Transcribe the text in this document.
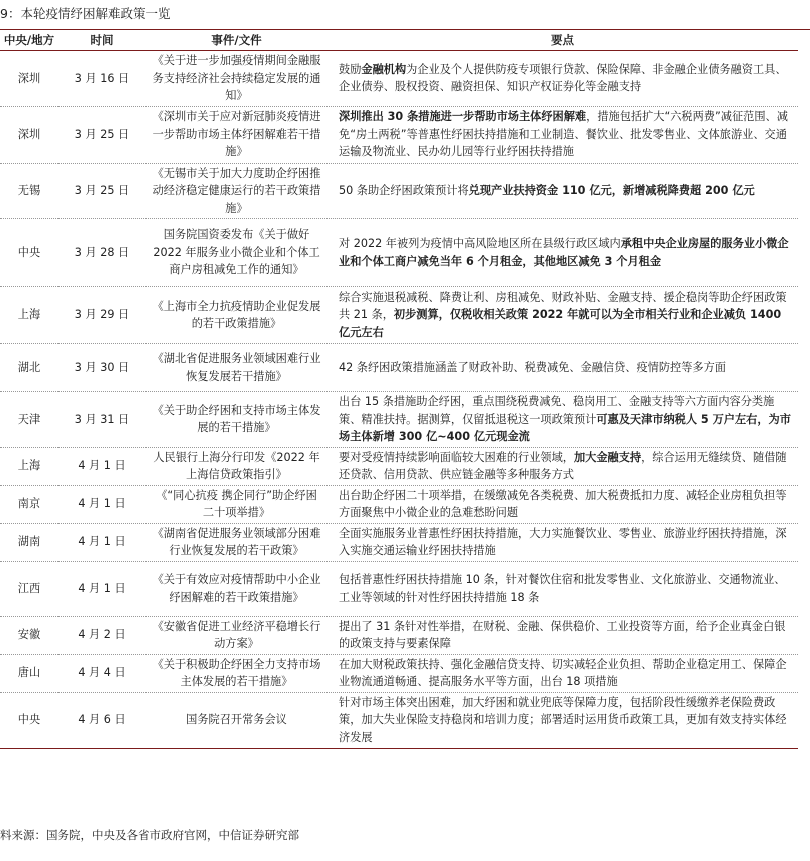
9：本轮疫情纾困解难政策一览
中央/地方	时间	事件/文件	要点
深圳	3 月 16 日	《关于进一步加强疫情期间金融服务支持经济社会持续稳定发展的通知》	鼓励金融机构为企业及个人提供防疫专项银行贷款、保险保障、非金融企业债务融资工具、企业债券、股权投资、融资担保、知识产权证券化等金融支持
深圳	3 月 25 日	《深圳市关于应对新冠肺炎疫情进一步帮助市场主体纾困解难若干措施》	深圳推出 30 条措施进一步帮助市场主体纾困解难，措施包括扩大“六税两费”减征范围、减免“房土两税”等普惠性纾困扶持措施和工业制造、餐饮业、批发零售业、文体旅游业、交通运输及物流业、民办幼儿园等行业纾困扶持措施
无锡	3 月 25 日	《无锡市关于加大力度助企纾困推动经济稳定健康运行的若干政策措施》	50 条助企纾困政策预计将兑现产业扶持资金 110 亿元，新增减税降费超 200 亿元
中央	3 月 28 日	国务院国资委发布《关于做好 2022 年服务业小微企业和个体工商户房租减免工作的通知》	对 2022 年被列为疫情中高风险地区所在县级行政区域内承租中央企业房屋的服务业小微企业和个体工商户减免当年 6 个月租金，其他地区减免 3 个月租金
上海	3 月 29 日	《上海市全力抗疫情助企业促发展的若干政策措施》	综合实施退税减税、降费让利、房租减免、财政补贴、金融支持、援企稳岗等助企纾困政策共 21 条，初步测算，仅税收相关政策 2022 年就可以为全市相关行业和企业减负 1400 亿元左右
湖北	3 月 30 日	《湖北省促进服务业领域困难行业恢复发展若干措施》	42 条纾困政策措施涵盖了财政补助、税费减免、金融信贷、疫情防控等多方面
天津	3 月 31 日	《关于助企纾困和支持市场主体发展的若干措施》	出台 15 条措施助企纾困，重点围绕税费减免、稳岗用工、金融支持等六方面内容分类施策、精准扶持。据测算，仅留抵退税这一项政策预计可惠及天津市纳税人 5 万户左右，为市场主体新增 300 亿~400 亿元现金流
上海	4 月 1 日	人民银行上海分行印发《2022 年上海信贷政策指引》	要对受疫情持续影响面临较大困难的行业领域，加大金融支持，综合运用无缝续贷、随借随还贷款、信用贷款、供应链金融等多种服务方式
南京	4 月 1 日	《“同心抗疫 携企同行”助企纾困二十项举措》	出台助企纾困二十项举措，在缓缴减免各类税费、加大税费抵扣力度、减轻企业房租负担等方面聚焦中小微企业的急难愁盼问题
湖南	4 月 1 日	《湖南省促进服务业领域部分困难行业恢复发展的若干政策》	全面实施服务业普惠性纾困扶持措施，大力实施餐饮业、零售业、旅游业纾困扶持措施，深入实施交通运输业纾困扶持措施
江西	4 月 1 日	《关于有效应对疫情帮助中小企业纾困解难的若干政策措施》	包括普惠性纾困扶持措施 10 条，针对餐饮住宿和批发零售业、文化旅游业、交通物流业、工业等领域的针对性纾困扶持措施 18 条
安徽	4 月 2 日	《安徽省促进工业经济平稳增长行动方案》	提出了 31 条针对性举措，在财税、金融、保供稳价、工业投资等方面，给予企业真金白银的政策支持与要素保障
唐山	4 月 4 日	《关于积极助企纾困全力支持市场主体发展的若干措施》	在加大财税政策扶持、强化金融信贷支持、切实减轻企业负担、帮助企业稳定用工、保障企业物流通道畅通、提高服务水平等方面，出台 18 项措施
中央	4 月 6 日	国务院召开常务会议	针对市场主体突出困难，加大纾困和就业兜底等保障力度，包括阶段性缓缴养老保险费政策，加大失业保险支持稳岗和培训力度；部署适时运用货币政策工具，更加有效支持实体经济发展
料来源：国务院，中央及各省市政府官网，中信证券研究部
